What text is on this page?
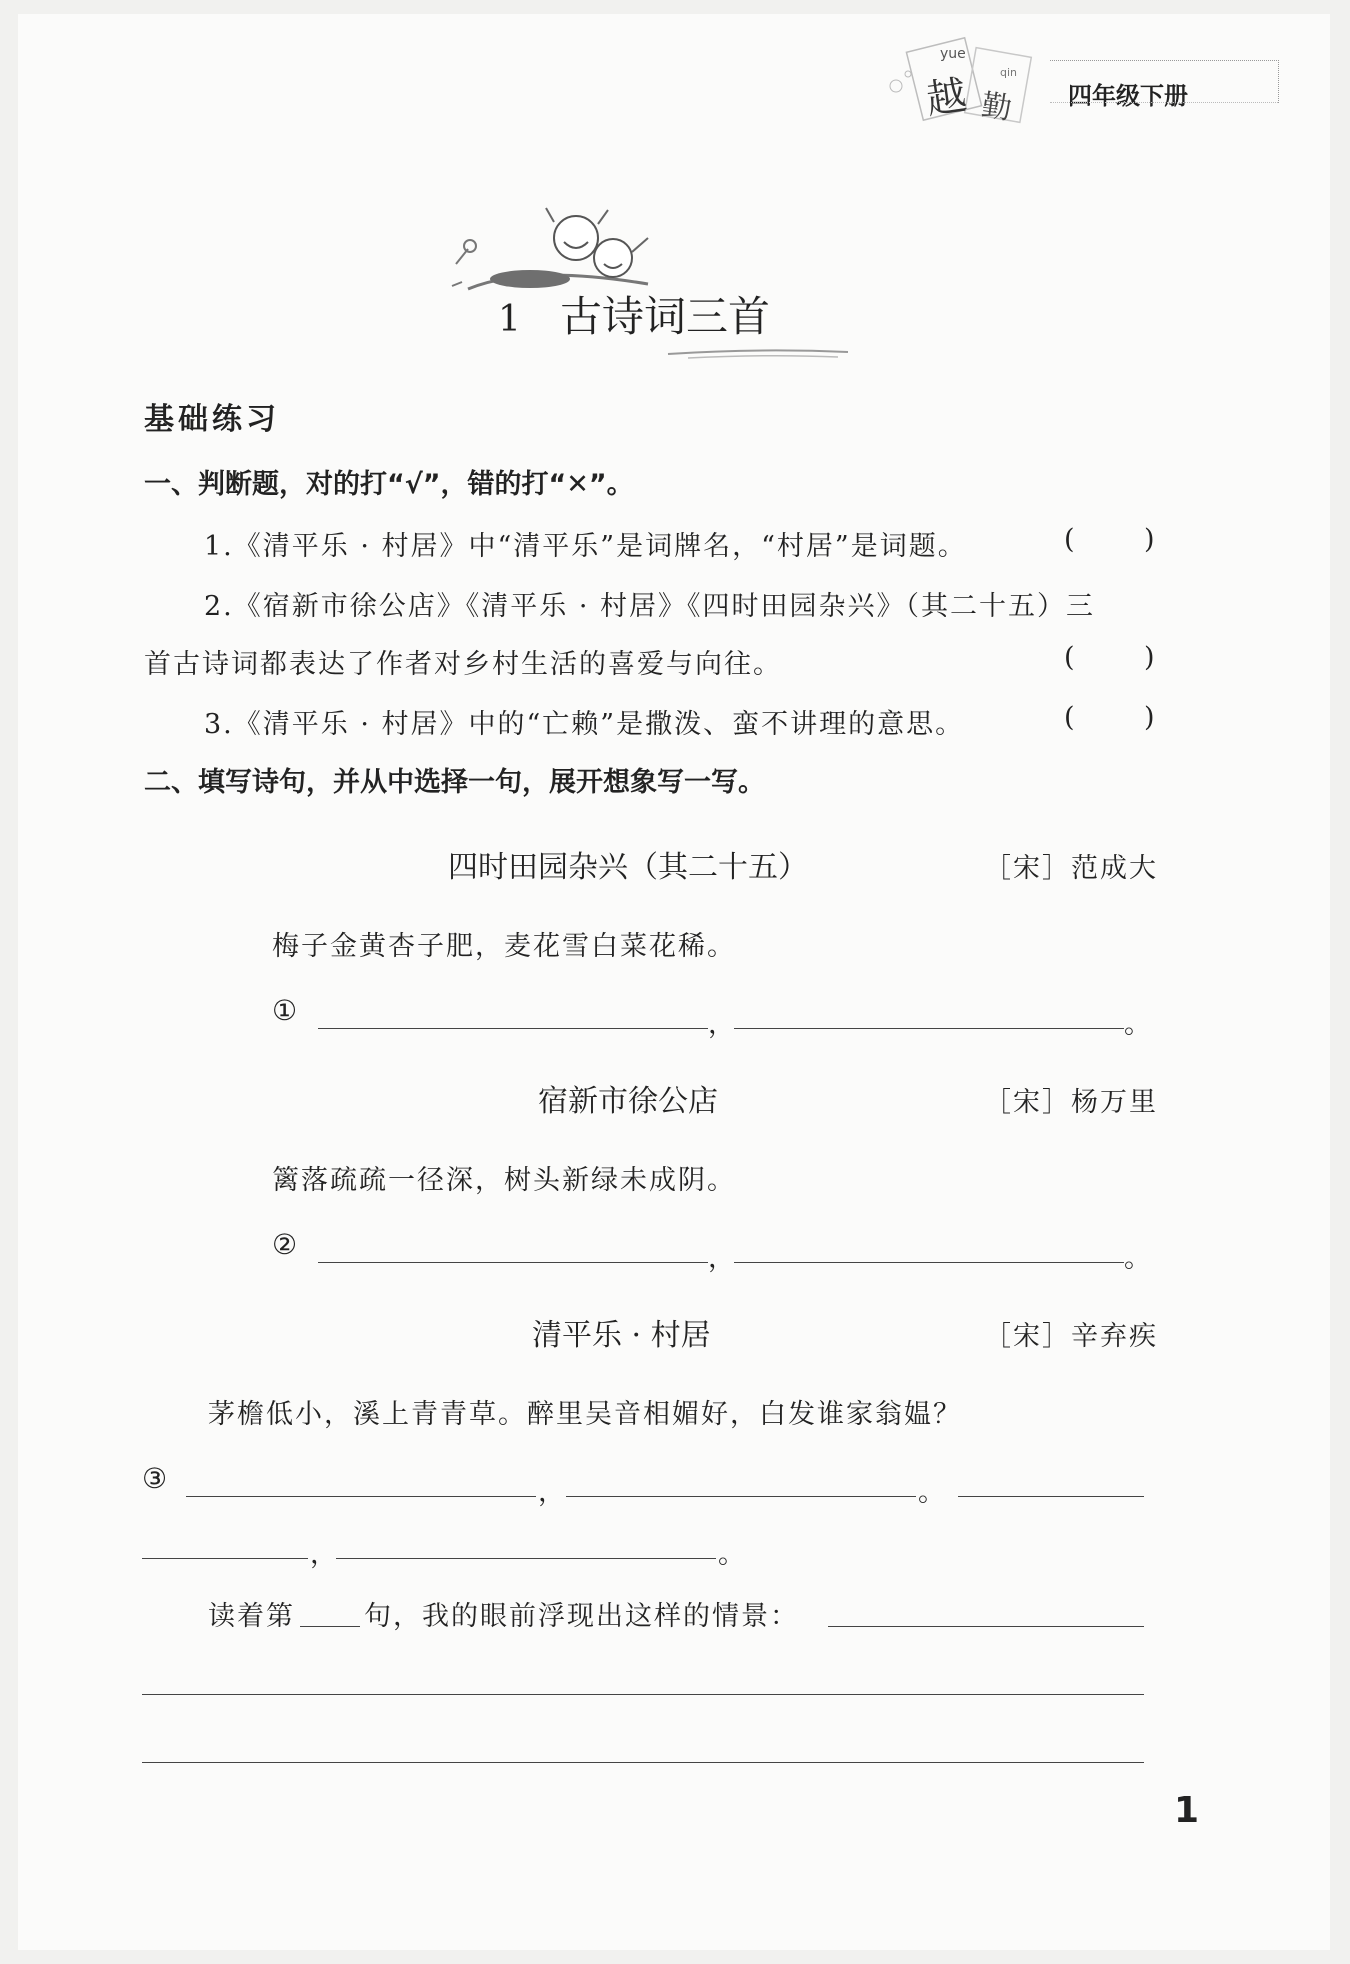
yue
qin
越 勤 四年级下册
1 古诗词三首
基础练习
一、判断题，对的打“√”，错的打“✕”。
1.《清平乐 · 村居》中“清平乐”是词牌名，“村居”是词题。	(	)
2.《宿新市徐公店》《清平乐 · 村居》《四时田园杂兴》（其二十五）三
首古诗词都表达了作者对乡村生活的喜爱与向往。	(	)
3.《清平乐 · 村居》中的“亡赖”是撒泼、蛮不讲理的意思。	(	)
二、填写诗句，并从中选择一句，展开想象写一写。
四时田园杂兴（其二十五）	［宋］范成大
梅子金黄杏子肥，麦花雪白菜花稀。
①	，	。
宿新市徐公店	［宋］杨万里
篱落疏疏一径深，树头新绿未成阴。
②	，	。
清平乐 · 村居	［宋］辛弃疾
茅檐低小，溪上青青草。醉里吴音相媚好，白发谁家翁媪？
③	，	。
，	。
读着第	句，我的眼前浮现出这样的情景：
1
